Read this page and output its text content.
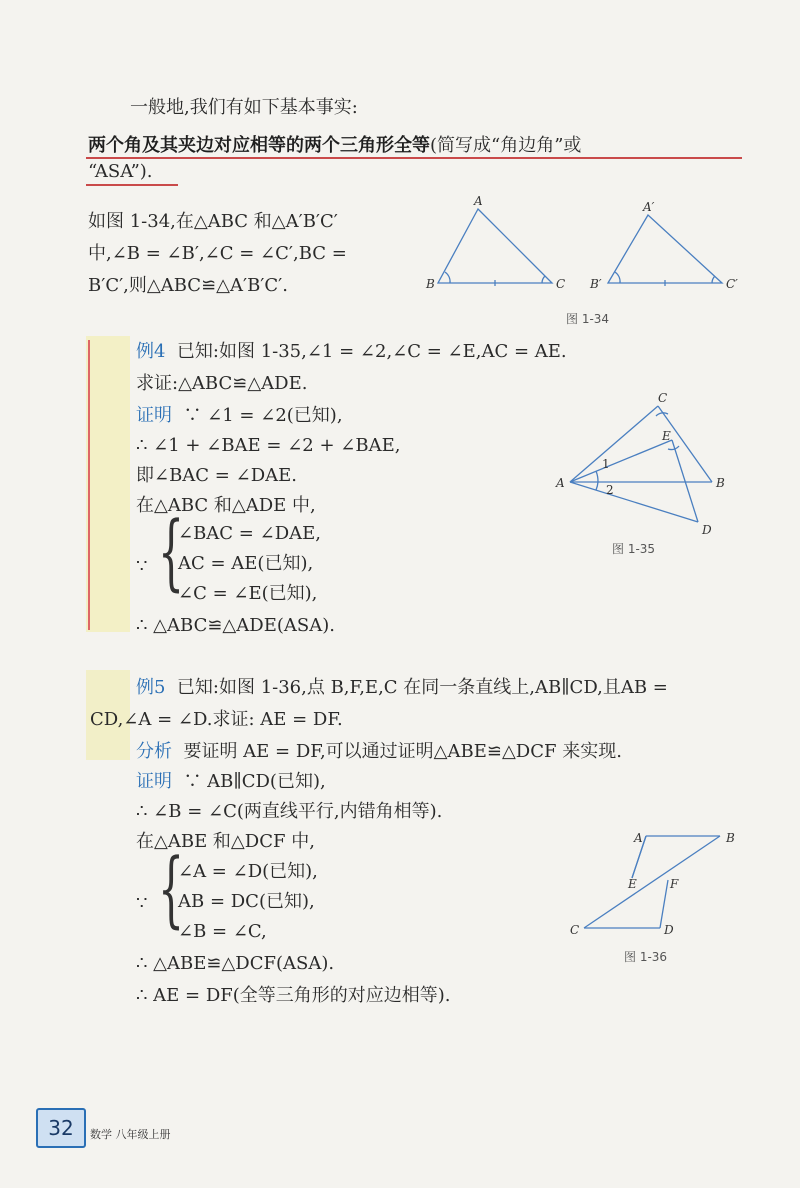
一般地,我们有如下基本事实:
两个角及其夹边对应相等的两个三角形全等(简写成“角边角”或
“ASA”).
如图 1-34,在△ABC 和△A′B′C′
中,∠B = ∠B′,∠C = ∠C′,BC =
B′C′,则△ABC≌△A′B′C′.
A
B	C
A′
B′	C′
图 1-34
例4 已知:如图 1-35,∠1 = ∠2,∠C = ∠E,AC = AE.
求证:△ABC≌△ADE.
证明 ∵ ∠1 = ∠2(已知),
∴ ∠1 + ∠BAE = ∠2 + ∠BAE,
即∠BAC = ∠DAE.
在△ABC 和△ADE 中,
∵ {
∠BAC = ∠DAE,
AC = AE(已知),
∠C = ∠E(已知),
∴ △ABC≌△ADE(ASA).
A
C
E
B
D
1
2
图 1-35
例5 已知:如图 1-36,点 B,F,E,C 在同一条直线上,AB∥CD,且AB =
CD,∠A = ∠D.求证: AE = DF.
分析 要证明 AE = DF,可以通过证明△ABE≌△DCF 来实现.
证明 ∵ AB∥CD(已知),
∴ ∠B = ∠C(两直线平行,内错角相等).
在△ABE 和△DCF 中,
∵ {
∠A = ∠D(已知),
AB = DC(已知),
∠B = ∠C,
∴ △ABE≌△DCF(ASA).
∴ AE = DF(全等三角形的对应边相等).
A	B
C	D
E	F
图 1-36
32	数学 八年级上册
